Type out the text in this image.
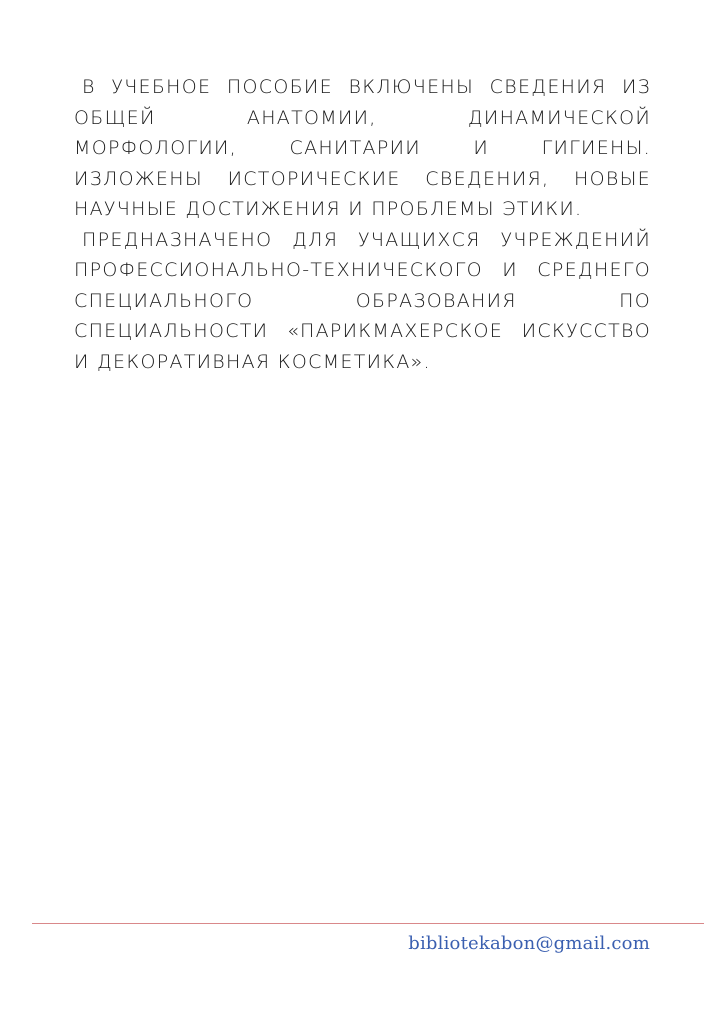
В УЧЕБНОЕ ПОСОБИЕ ВКЛЮЧЕНЫ СВЕДЕНИЯ ИЗ ОБЩЕЙ АНАТОМИИ, ДИНАМИЧЕСКОЙ МОРФОЛОГИИ, САНИТАРИИ И ГИГИЕНЫ. ИЗЛОЖЕНЫ ИСТОРИЧЕСКИЕ СВЕДЕНИЯ, НОВЫЕ НАУЧНЫЕ ДОСТИЖЕНИЯ И ПРОБЛЕМЫ ЭТИКИ.

ПРЕДНАЗНАЧЕНО ДЛЯ УЧАЩИХСЯ УЧРЕЖДЕНИЙ ПРОФЕССИОНАЛЬНО-ТЕХНИЧЕСКОГО И СРЕДНЕГО СПЕЦИАЛЬНОГО ОБРАЗОВАНИЯ ПО СПЕЦИАЛЬНОСТИ «ПАРИКМАХЕРСКОЕ ИСКУССТВО И ДЕКОРАТИВНАЯ КОСМЕТИКА».

bibliotekabon@gmail.com
